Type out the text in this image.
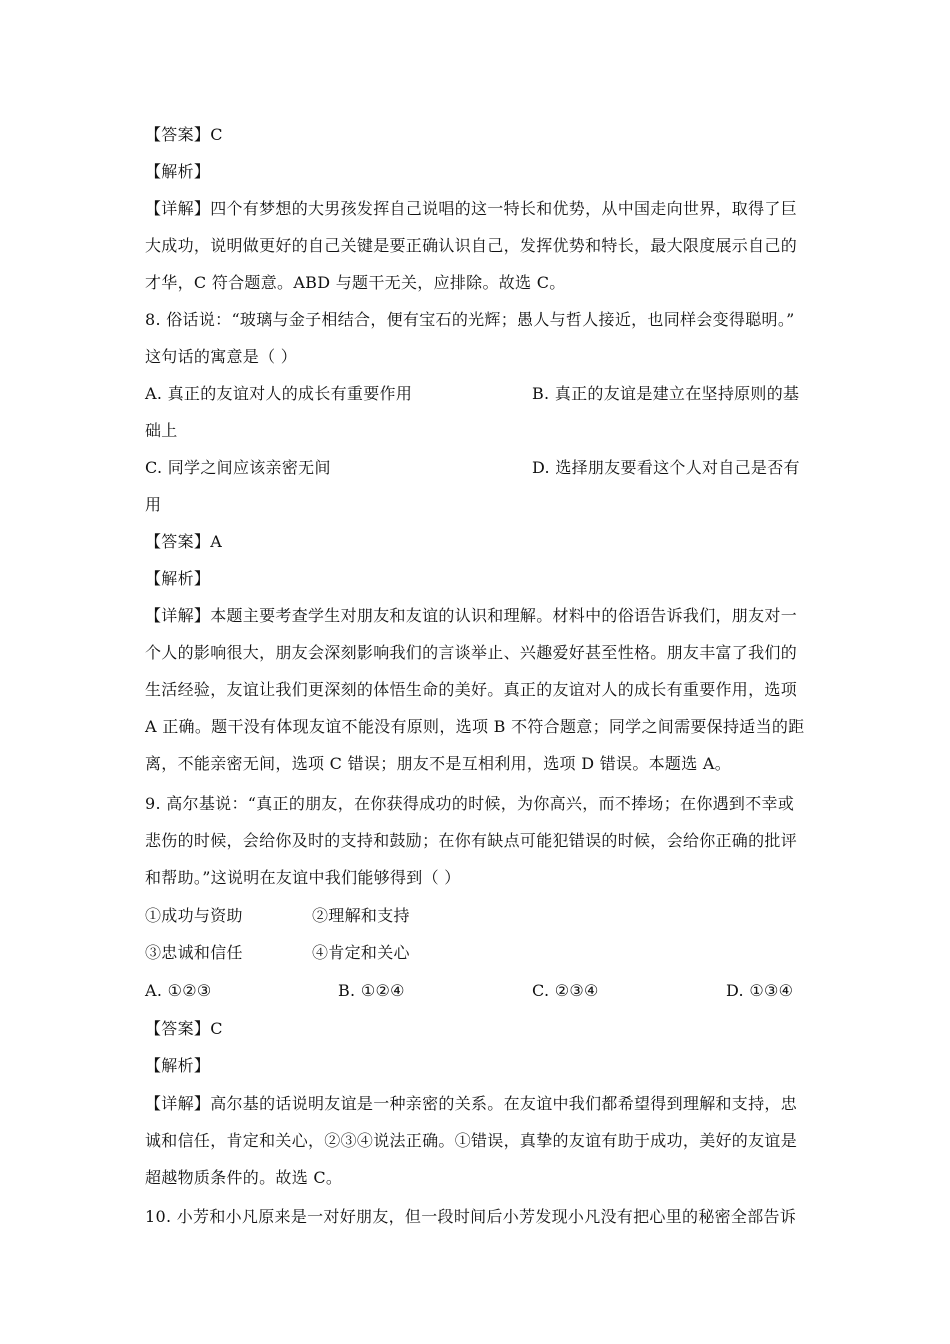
【答案】C
【解析】
【详解】四个有梦想的大男孩发挥自己说唱的这一特长和优势，从中国走向世界，取得了巨
大成功，说明做更好的自己关键是要正确认识自己，发挥优势和特长，最大限度展示自己的
才华，C 符合题意。ABD 与题干无关，应排除。故选 C。
8. 俗话说：“玻璃与金子相结合，便有宝石的光辉；愚人与哲人接近，也同样会变得聪明。”
这句话的寓意是（ ）
A. 真正的友谊对人的成长有重要作用	B. 真正的友谊是建立在坚持原则的基
础上
C. 同学之间应该亲密无间	D. 选择朋友要看这个人对自己是否有
用
【答案】A
【解析】
【详解】本题主要考查学生对朋友和友谊的认识和理解。材料中的俗语告诉我们，朋友对一
个人的影响很大，朋友会深刻影响我们的言谈举止、兴趣爱好甚至性格。朋友丰富了我们的
生活经验，友谊让我们更深刻的体悟生命的美好。真正的友谊对人的成长有重要作用，选项
A 正确。题干没有体现友谊不能没有原则，选项 B 不符合题意；同学之间需要保持适当的距
离，不能亲密无间，选项 C 错误；朋友不是互相利用，选项 D 错误。本题选 A。
9. 高尔基说：“真正的朋友，在你获得成功的时候，为你高兴，而不捧场；在你遇到不幸或
悲伤的时候，会给你及时的支持和鼓励；在你有缺点可能犯错误的时候，会给你正确的批评
和帮助。”这说明在友谊中我们能够得到（ ）
①成功与资助	②理解和支持
③忠诚和信任	④肯定和关心
A. ①②③	B. ①②④	C. ②③④	D. ①③④
【答案】C
【解析】
【详解】高尔基的话说明友谊是一种亲密的关系。在友谊中我们都希望得到理解和支持，忠
诚和信任，肯定和关心，②③④说法正确。①错误，真挚的友谊有助于成功，美好的友谊是
超越物质条件的。故选 C。
10. 小芳和小凡原来是一对好朋友，但一段时间后小芳发现小凡没有把心里的秘密全部告诉
